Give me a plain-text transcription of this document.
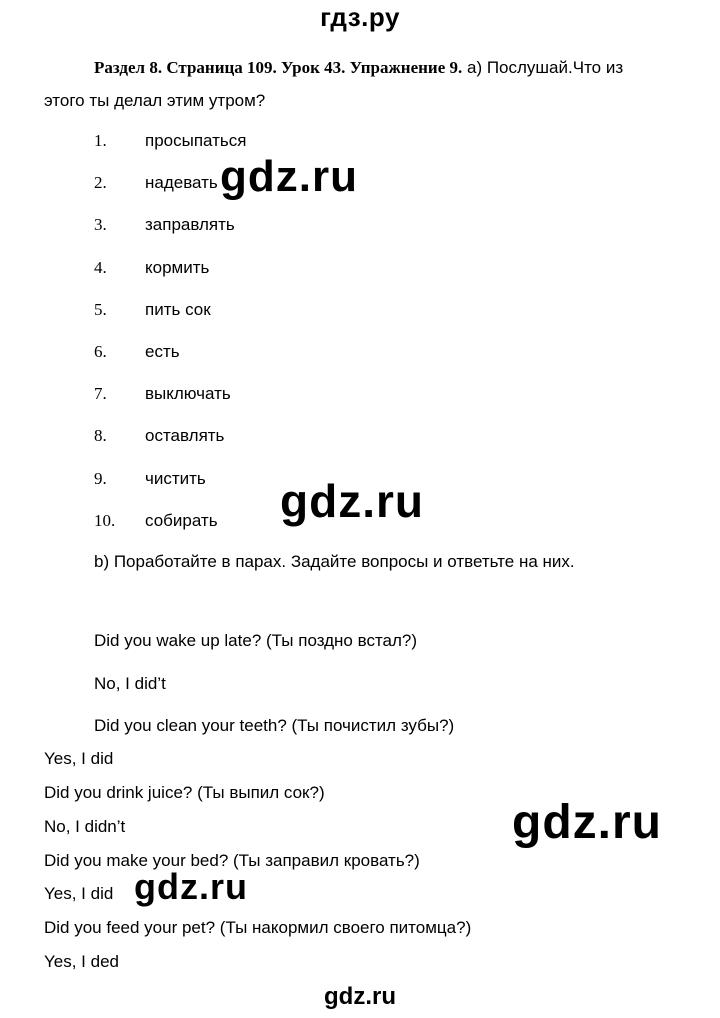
гдз.ру
Раздел 8. Страница 109. Урок 43. Упражнение 9. а) Послушай.Что из
этого ты делал этим утром?
1. просыпаться
2. надевать
3. заправлять
4. кормить
5. пить сок
6. есть
7. выключать
8. оставлять
9. чистить
10. собирать
b) Поработайте в парах. Задайте вопросы и ответьте на них.
Did you wake up late? (Ты поздно встал?)
No, I did’t
Did you clean your teeth? (Ты почистил зубы?)
Yes, I did
Did you drink juice? (Ты выпил сок?)
No, I didn’t
Did you make your bed? (Ты заправил кровать?)
Yes, I did
Did you feed your pet? (Ты накормил своего питомца?)
Yes, I ded
gdz.ru
gdz.ru
gdz.ru
gdz.ru
gdz.ru
